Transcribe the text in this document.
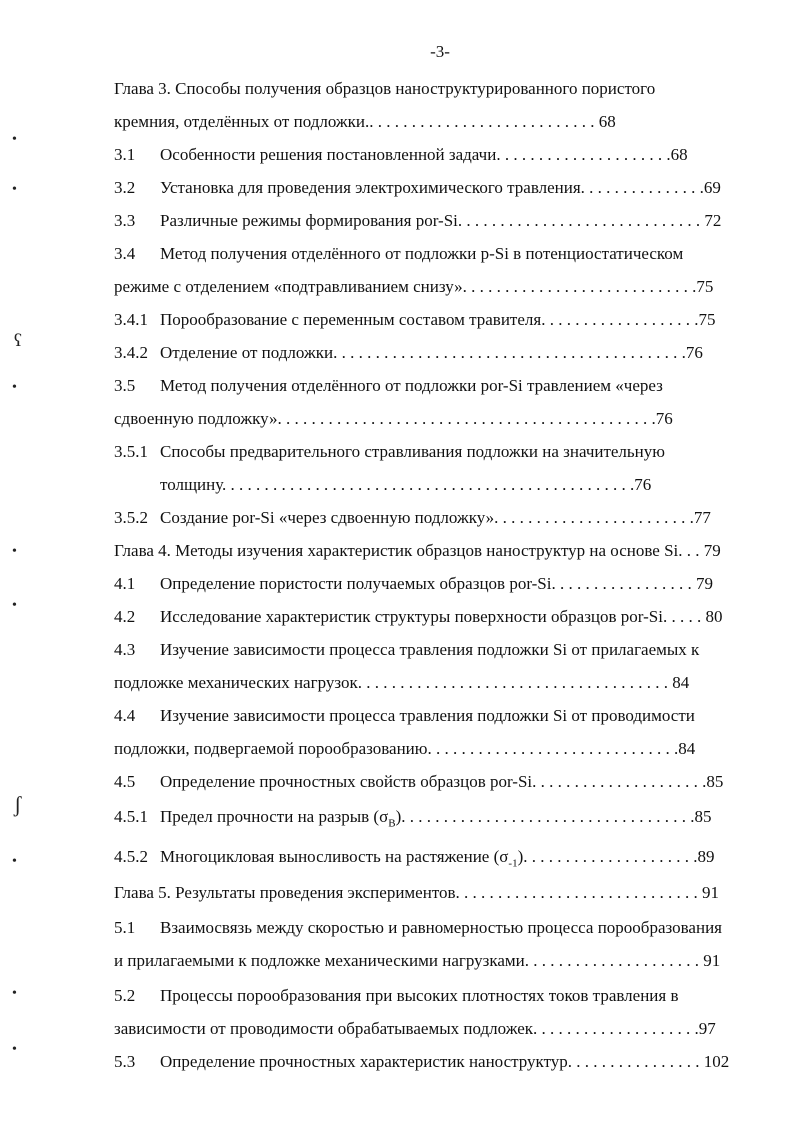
-3-
Глава 3. Способы получения образцов наноструктурированного пористого
кремния, отделённых от подложки.. . . . . . . . . . . . . . . . . . . . . . . . . . . 68
3.1 Особенности решения постановленной задачи. . . . . . . . . . . . . . . . . . . . .68
3.2 Установка для проведения электрохимического травления. . . . . . . . . . . . . . .69
3.3 Различные режимы формирования por-Si. . . . . . . . . . . . . . . . . . . . . . . . . . . . . 72
3.4 Метод получения отделённого от подложки p-Si в потенциостатическом
режиме с отделением «подтравливанием снизу». . . . . . . . . . . . . . . . . . . . . . . . . . . .75
3.4.1 Порообразование с переменным составом травителя. . . . . . . . . . . . . . . . . . .75
3.4.2 Отделение от подложки. . . . . . . . . . . . . . . . . . . . . . . . . . . . . . . . . . . . . . . . . .76
3.5 Метод получения отделённого от подложки por-Si травлением «через
сдвоенную подложку». . . . . . . . . . . . . . . . . . . . . . . . . . . . . . . . . . . . . . . . . . . . .76
3.5.1 Способы предварительного стравливания подложки на значительную
толщину. . . . . . . . . . . . . . . . . . . . . . . . . . . . . . . . . . . . . . . . . . . . . . . . .76
3.5.2 Создание por-Si «через сдвоенную подложку». . . . . . . . . . . . . . . . . . . . . . . .77
Глава 4. Методы изучения характеристик образцов наноструктур на основе Si. . . 79
4.1 Определение пористости получаемых образцов por-Si. . . . . . . . . . . . . . . . . 79
4.2 Исследование характеристик структуры поверхности образцов por-Si. . . . . 80
4.3 Изучение зависимости процесса травления подложки Si от прилагаемых к
подложке механических нагрузок. . . . . . . . . . . . . . . . . . . . . . . . . . . . . . . . . . . . . 84
4.4 Изучение зависимости процесса травления подложки Si от проводимости
подложки, подвергаемой порообразованию. . . . . . . . . . . . . . . . . . . . . . . . . . . . . .84
4.5 Определение прочностных свойств образцов por-Si. . . . . . . . . . . . . . . . . . . . .85
4.5.1 Предел прочности на разрыв $(\sigma_B)$. . . . . . . . . . . . . . . . . . . . . . . . . . . . . . . . . . .85
4.5.2 Многоцикловая выносливость на растяжение $(\sigma_{-1})$. . . . . . . . . . . . . . . . . . . . .89
Глава 5. Результаты проведения экспериментов. . . . . . . . . . . . . . . . . . . . . . . . . . . . . 91
5.1 Взаимосвязь между скоростью и равномерностью процесса порообразования
и прилагаемыми к подложке механическими нагрузками. . . . . . . . . . . . . . . . . . . . . 91
5.2 Процессы порообразования при высоких плотностях токов травления в
зависимости от проводимости обрабатываемых подложек. . . . . . . . . . . . . . . . . . . .97
5.3 Определение прочностных характеристик наноструктур. . . . . . . . . . . . . . . . 102
•
•
ʕ
•
•
•
ʃ
•
•
•
